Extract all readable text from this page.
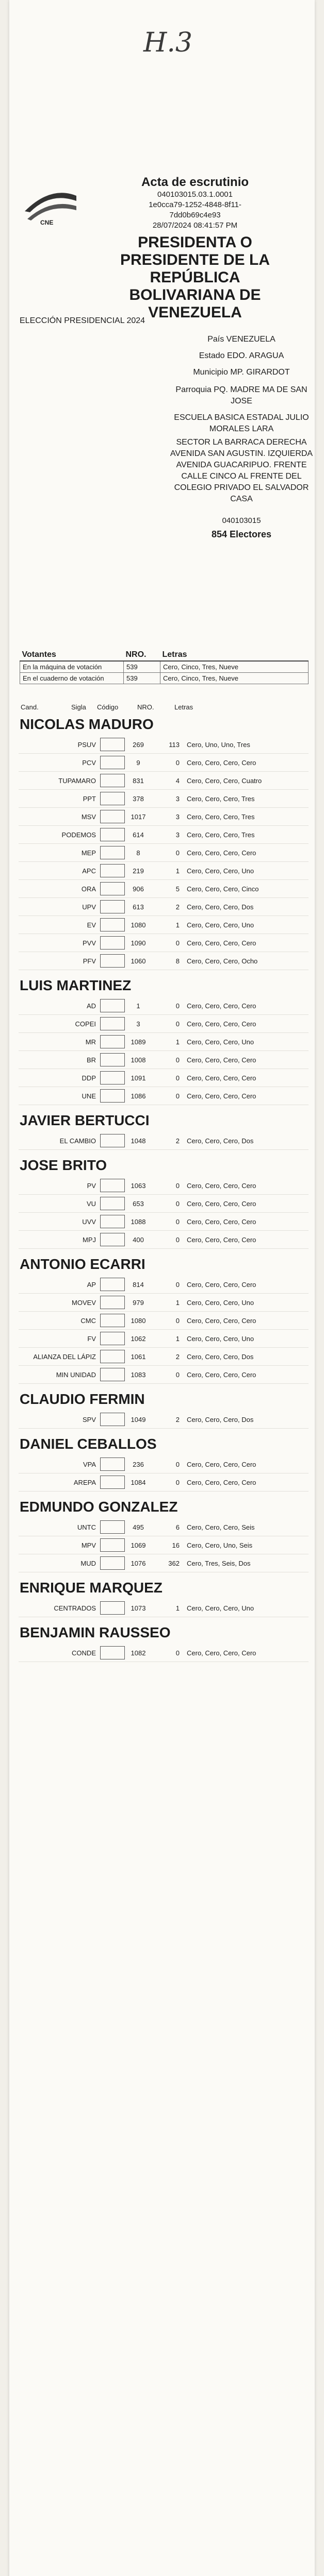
H.3
CNE
Acta de escrutinio
040103015.03.1.0001
1e0cca79-1252-4848-8f11-
7dd0b69c4e93
28/07/2024 08:41:57 PM
PRESIDENTA O
PRESIDENTE DE LA
REPÚBLICA
BOLIVARIANA DE
VENEZUELA
ELECCIÓN PRESIDENCIAL 2024
País VENEZUELA
Estado EDO. ARAGUA
Municipio MP. GIRARDOT
Parroquia PQ. MADRE MA DE SAN
JOSE
ESCUELA BASICA ESTADAL JULIO
MORALES LARA
SECTOR LA BARRACA DERECHA
AVENIDA SAN AGUSTIN. IZQUIERDA
AVENIDA GUACARIPUO. FRENTE
CALLE CINCO AL FRENTE DEL
COLEGIO PRIVADO EL SALVADOR
CASA
040103015
854 Electores
Votantes	NRO.	Letras
En la máquina de votación	539	Cero, Cinco, Tres, Nueve
En el cuaderno de votación	539	Cero, Cinco, Tres, Nueve
Cand.	Sigla Código	NRO.	Letras
NICOLAS MADURO
PSUV	269	113	Cero, Uno, Uno, Tres
PCV	9	0	Cero, Cero, Cero, Cero
TUPAMARO	831	4	Cero, Cero, Cero, Cuatro
PPT	378	3	Cero, Cero, Cero, Tres
MSV	1017	3	Cero, Cero, Cero, Tres
PODEMOS	614	3	Cero, Cero, Cero, Tres
MEP	8	0	Cero, Cero, Cero, Cero
APC	219	1	Cero, Cero, Cero, Uno
ORA	906	5	Cero, Cero, Cero, Cinco
UPV	613	2	Cero, Cero, Cero, Dos
EV	1080	1	Cero, Cero, Cero, Uno
PVV	1090	0	Cero, Cero, Cero, Cero
PFV	1060	8	Cero, Cero, Cero, Ocho
LUIS MARTINEZ
AD	1	0	Cero, Cero, Cero, Cero
COPEI	3	0	Cero, Cero, Cero, Cero
MR	1089	1	Cero, Cero, Cero, Uno
BR	1008	0	Cero, Cero, Cero, Cero
DDP	1091	0	Cero, Cero, Cero, Cero
UNE	1086	0	Cero, Cero, Cero, Cero
JAVIER BERTUCCI
EL CAMBIO	1048	2	Cero, Cero, Cero, Dos
JOSE BRITO
PV	1063	0	Cero, Cero, Cero, Cero
VU	653	0	Cero, Cero, Cero, Cero
UVV	1088	0	Cero, Cero, Cero, Cero
MPJ	400	0	Cero, Cero, Cero, Cero
ANTONIO ECARRI
AP	814	0	Cero, Cero, Cero, Cero
MOVEV	979	1	Cero, Cero, Cero, Uno
CMC	1080	0	Cero, Cero, Cero, Cero
FV	1062	1	Cero, Cero, Cero, Uno
ALIANZA DEL LÁPIZ	1061	2	Cero, Cero, Cero, Dos
MIN UNIDAD	1083	0	Cero, Cero, Cero, Cero
CLAUDIO FERMIN
SPV	1049	2	Cero, Cero, Cero, Dos
DANIEL CEBALLOS
VPA	236	0	Cero, Cero, Cero, Cero
AREPA	1084	0	Cero, Cero, Cero, Cero
EDMUNDO GONZALEZ
UNTC	495	6	Cero, Cero, Cero, Seis
MPV	1069	16	Cero, Cero, Uno, Seis
MUD	1076	362	Cero, Tres, Seis, Dos
ENRIQUE MARQUEZ
CENTRADOS	1073	1	Cero, Cero, Cero, Uno
BENJAMIN RAUSSEO
CONDE	1082	0	Cero, Cero, Cero, Cero
